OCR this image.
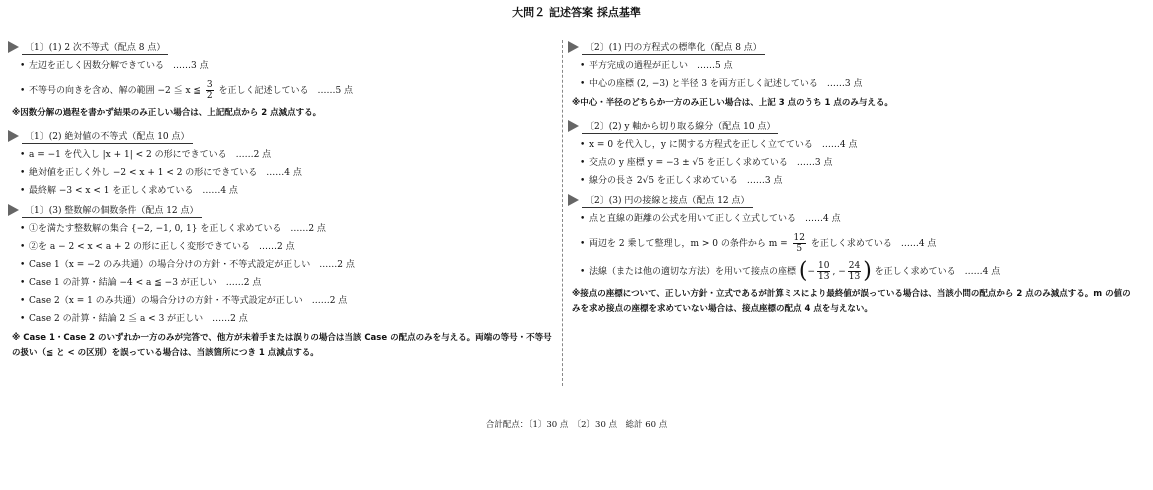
大問２ 記述答案 採点基準
〔1〕(1) 2 次不等式（配点 8 点）
• 左辺を正しく因数分解できている　……3 点
• 不等号の向きを含め、解の範囲 −2 ≦ x ≦ $\frac{3}{2}$ を正しく記述している　……5 点
※因数分解の過程を書かず結果のみ正しい場合は、上記配点から 2 点減点する。
〔1〕(2) 絶対値の不等式（配点 10 点）
• a = −1 を代入し |x + 1| < 2 の形にできている　……2 点
• 絶対値を正しく外し −2 < x + 1 < 2 の形にできている　……4 点
• 最終解 −3 < x < 1 を正しく求めている　……4 点
〔1〕(3) 整数解の個数条件（配点 12 点）
• ①を満たす整数解の集合 {−2, −1, 0, 1} を正しく求めている　……2 点
• ②を a − 2 < x < a + 2 の形に正しく変形できている　……2 点
• Case 1（x = −2 のみ共通）の場合分けの方針・不等式設定が正しい　……2 点
• Case 1 の計算・結論 −4 < a ≦ −3 が正しい　……2 点
• Case 2（x = 1 のみ共通）の場合分けの方針・不等式設定が正しい　……2 点
• Case 2 の計算・結論 2 ≦ a < 3 が正しい　……2 点
※ Case 1・Case 2 のいずれか一方のみが完答で、他方が未着手または誤りの場合は当該 Case の配点のみを与える。両端の等号・不等号の扱い（≦ と < の区別）を誤っている場合は、当該箇所につき 1 点減点する。
〔2〕(1) 円の方程式の標準化（配点 8 点）
• 平方完成の過程が正しい　……5 点
• 中心の座標 (2, −3) と半径 3 を両方正しく記述している　……3 点
※中心・半径のどちらか一方のみ正しい場合は、上記 3 点のうち 1 点のみ与える。
〔2〕(2) y 軸から切り取る線分（配点 10 点）
• x = 0 を代入し，y に関する方程式を正しく立てている　……4 点
• 交点の y 座標 y = −3 ± √5 を正しく求めている　……3 点
• 線分の長さ 2√5 を正しく求めている　……3 点
〔2〕(3) 円の接線と接点（配点 12 点）
• 点と直線の距離の公式を用いて正しく立式している　……4 点
• 両辺を 2 乗して整理し，m > 0 の条件から $m = \frac{12}{5}$ を正しく求めている　……4 点
• 法線（または他の適切な方法）を用いて接点の座標 (− $\frac{10}{13}$ , − $\frac{24}{13}$ ) を正しく求めている　……4 点
※接点の座標について、正しい方針・立式であるが計算ミスにより最終値が誤っている場合は、当該小問の配点から 2 点のみ減点する。m の値のみを求め接点の座標を求めていない場合は、接点座標の配点 4 点を与えない。
合計配点：〔1〕30 点　〔2〕30 点　総計 60 点
